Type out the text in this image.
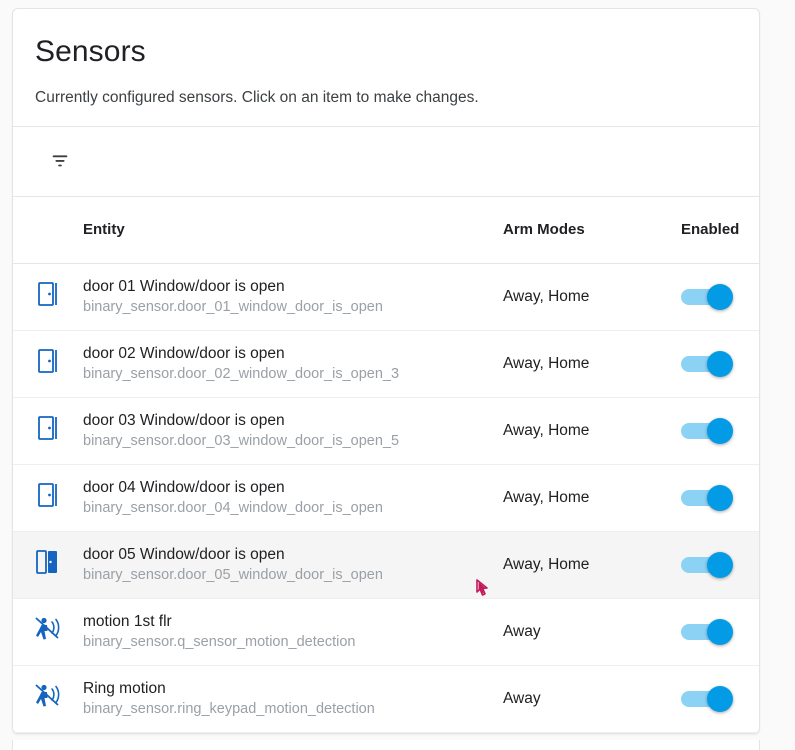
Sensors

Currently configured sensors. Click on an item to make changes.

	Entity	Arm Modes	Enabled

door 01 Window/door is open
binary_sensor.door_01_window_door_is_open	Away, Home	

door 02 Window/door is open
binary_sensor.door_02_window_door_is_open_3	Away, Home	

door 03 Window/door is open
binary_sensor.door_03_window_door_is_open_5	Away, Home	

door 04 Window/door is open
binary_sensor.door_04_window_door_is_open	Away, Home	

door 05 Window/door is open
binary_sensor.door_05_window_door_is_open	Away, Home	

motion 1st flr
binary_sensor.q_sensor_motion_detection	Away	

Ring motion
binary_sensor.ring_keypad_motion_detection	Away	
